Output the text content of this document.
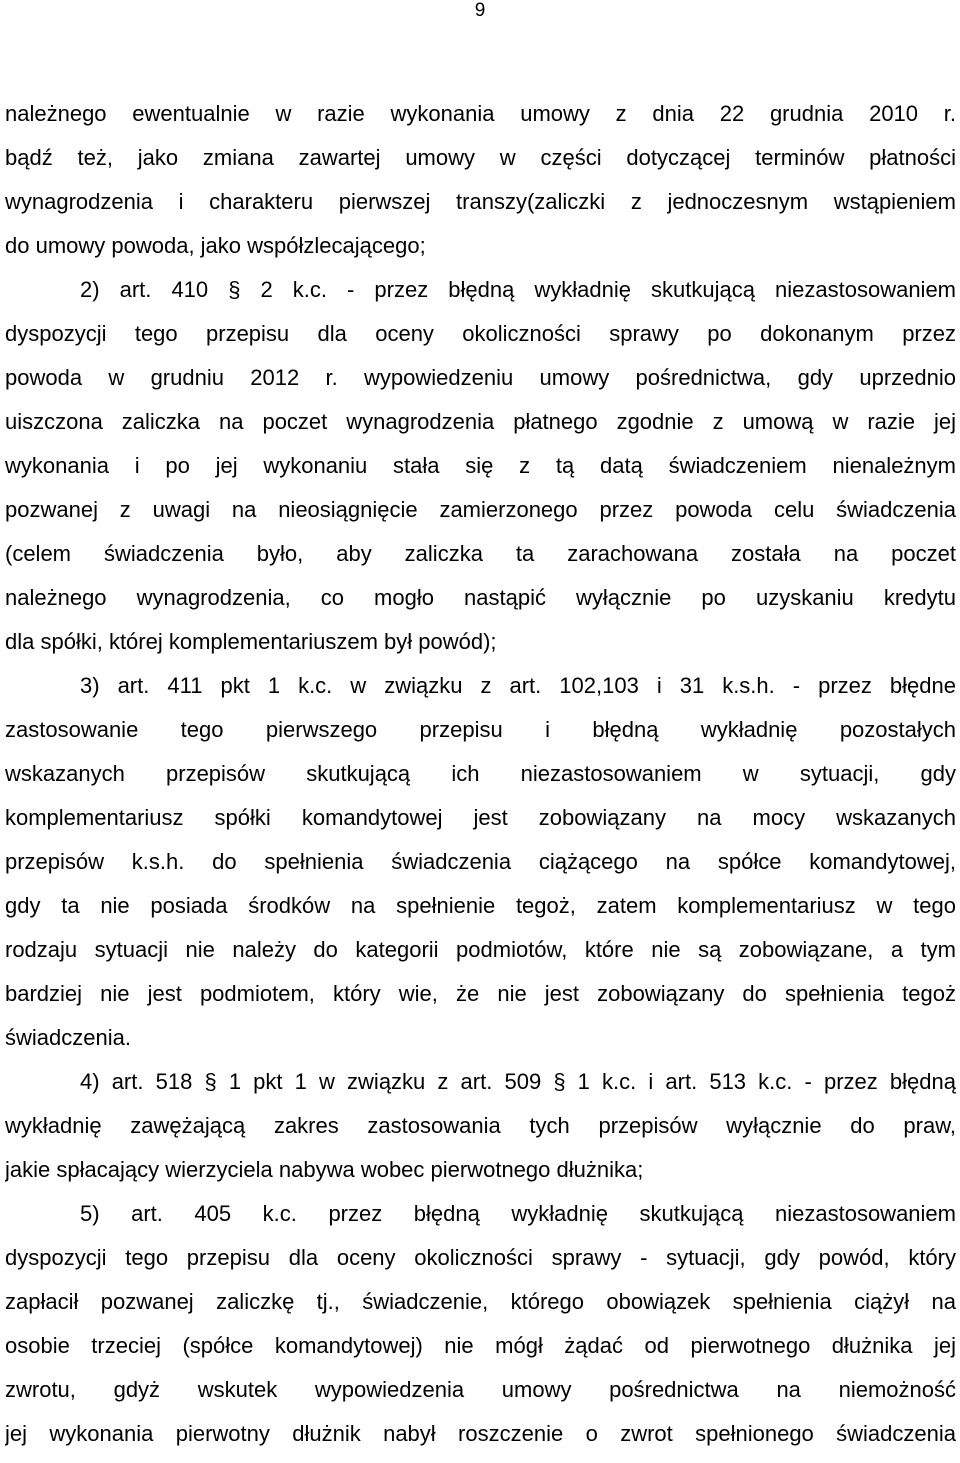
9
należnego ewentualnie w razie wykonania umowy z dnia 22 grudnia 2010 r.
bądź też, jako zmiana zawartej umowy w części dotyczącej terminów płatności
wynagrodzenia i charakteru pierwszej transzy(zaliczki z jednoczesnym wstąpieniem
do umowy powoda, jako współzlecającego;
2) art. 410 § 2 k.c. - przez błędną wykładnię skutkującą niezastosowaniem
dyspozycji tego przepisu dla oceny okoliczności sprawy po dokonanym przez
powoda w grudniu 2012 r. wypowiedzeniu umowy pośrednictwa, gdy uprzednio
uiszczona zaliczka na poczet wynagrodzenia płatnego zgodnie z umową w razie jej
wykonania i po jej wykonaniu stała się z tą datą świadczeniem nienależnym
pozwanej z uwagi na nieosiągnięcie zamierzonego przez powoda celu świadczenia
(celem świadczenia było, aby zaliczka ta zarachowana została na poczet
należnego wynagrodzenia, co mogło nastąpić wyłącznie po uzyskaniu kredytu
dla spółki, której komplementariuszem był powód);
3) art. 411 pkt 1 k.c. w związku z art. 102,103 i 31 k.s.h. - przez błędne
zastosowanie tego pierwszego przepisu i błędną wykładnię pozostałych
wskazanych przepisów skutkującą ich niezastosowaniem w sytuacji, gdy
komplementariusz spółki komandytowej jest zobowiązany na mocy wskazanych
przepisów k.s.h. do spełnienia świadczenia ciążącego na spółce komandytowej,
gdy ta nie posiada środków na spełnienie tegoż, zatem komplementariusz w tego
rodzaju sytuacji nie należy do kategorii podmiotów, które nie są zobowiązane, a tym
bardziej nie jest podmiotem, który wie, że nie jest zobowiązany do spełnienia tegoż
świadczenia.
4) art. 518 § 1 pkt 1 w związku z art. 509 § 1 k.c. i art. 513 k.c. - przez błędną
wykładnię zawężającą zakres zastosowania tych przepisów wyłącznie do praw,
jakie spłacający wierzyciela nabywa wobec pierwotnego dłużnika;
5) art. 405 k.c. przez błędną wykładnię skutkującą niezastosowaniem
dyspozycji tego przepisu dla oceny okoliczności sprawy - sytuacji, gdy powód, który
zapłacił pozwanej zaliczkę tj., świadczenie, którego obowiązek spełnienia ciążył na
osobie trzeciej (spółce komandytowej) nie mógł żądać od pierwotnego dłużnika jej
zwrotu, gdyż wskutek wypowiedzenia umowy pośrednictwa na niemożność
jej wykonania pierwotny dłużnik nabył roszczenie o zwrot spełnionego świadczenia
